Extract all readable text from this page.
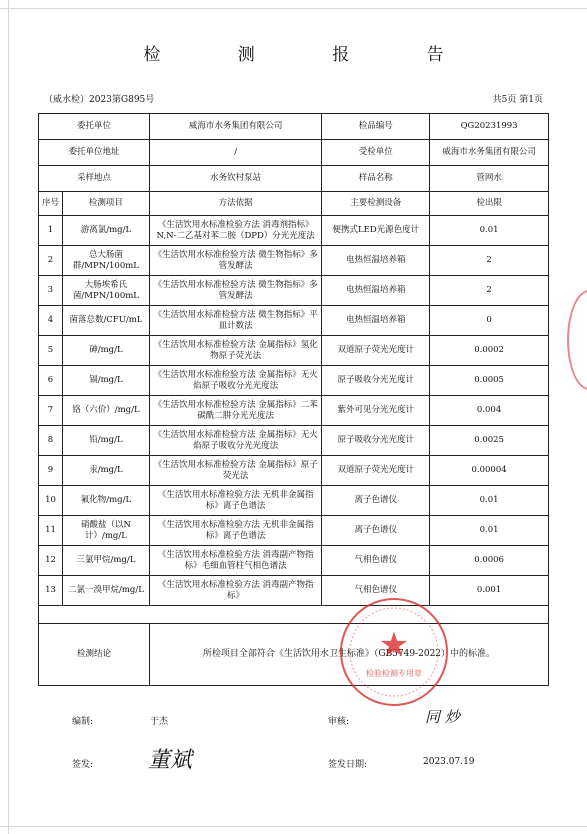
检 测 报 告
（威水检）2023第G895号	共5页 第1页
委托单位		威海市水务集团有限公司	检品编号	QG20231993
委托单位地址		/	受检单位	威海市水务集团有限公司
采样地点		水务钦村泵站	样品名称	管网水
序号	检测项目	方法依据	主要检测设备	检出限
1	游离氯/mg/L	《生活饮用水标准检验方法 消毒剂指标》N,N-二乙基对苯二胺（DPD）分光光度法	便携式LED光源色度计	0.01
2	总大肠菌群/MPN/100mL	《生活饮用水标准检验方法 微生物指标》多管发酵法	电热恒温培养箱	2
3	大肠埃希氏菌/MPN/100mL	《生活饮用水标准检验方法 微生物指标》多管发酵法	电热恒温培养箱	2
4	菌落总数/CFU/mL	《生活饮用水标准检验方法 微生物指标》平皿计数法	电热恒温培养箱	0
5	砷/mg/L	《生活饮用水标准检验方法 金属指标》氢化物原子荧光法	双道原子荧光光度计	0.0002
6	镉/mg/L	《生活饮用水标准检验方法 金属指标》无火焰原子吸收分光光度法	原子吸收分光光度计	0.0005
7	铬（六价）/mg/L	《生活饮用水标准检验方法 金属指标》二苯碳酰二肼分光光度法	紫外可见分光光度计	0.004
8	铅/mg/L	《生活饮用水标准检验方法 金属指标》无火焰原子吸收分光光度法	原子吸收分光光度计	0.0025
9	汞/mg/L	《生活饮用水标准检验方法 金属指标》原子荧光法	双道原子荧光光度计	0.00004
10	氟化物/mg/L	《生活饮用水标准检验方法 无机非金属指标》离子色谱法	离子色谱仪	0.01
11	硝酸盐（以N计）/mg/L	《生活饮用水标准检验方法 无机非金属指标》离子色谱法	离子色谱仪	0.01
12	三氯甲烷/mg/L	《生活饮用水标准检验方法 消毒副产物指标》毛细血管柱气相色谱法	气相色谱仪	0.0006
13	二氯一溴甲烷/mg/L	《生活饮用水标准检验方法 消毒副产物指标》	气相色谱仪	0.001

检测结论		所检项目全部符合《生活饮用水卫生标准》（GB5749-2022）中的标准。		
★
检验检测专用章
编制:	于杰	审核:	同 炒
签发: 董斌	签发日期:	2023.07.19
